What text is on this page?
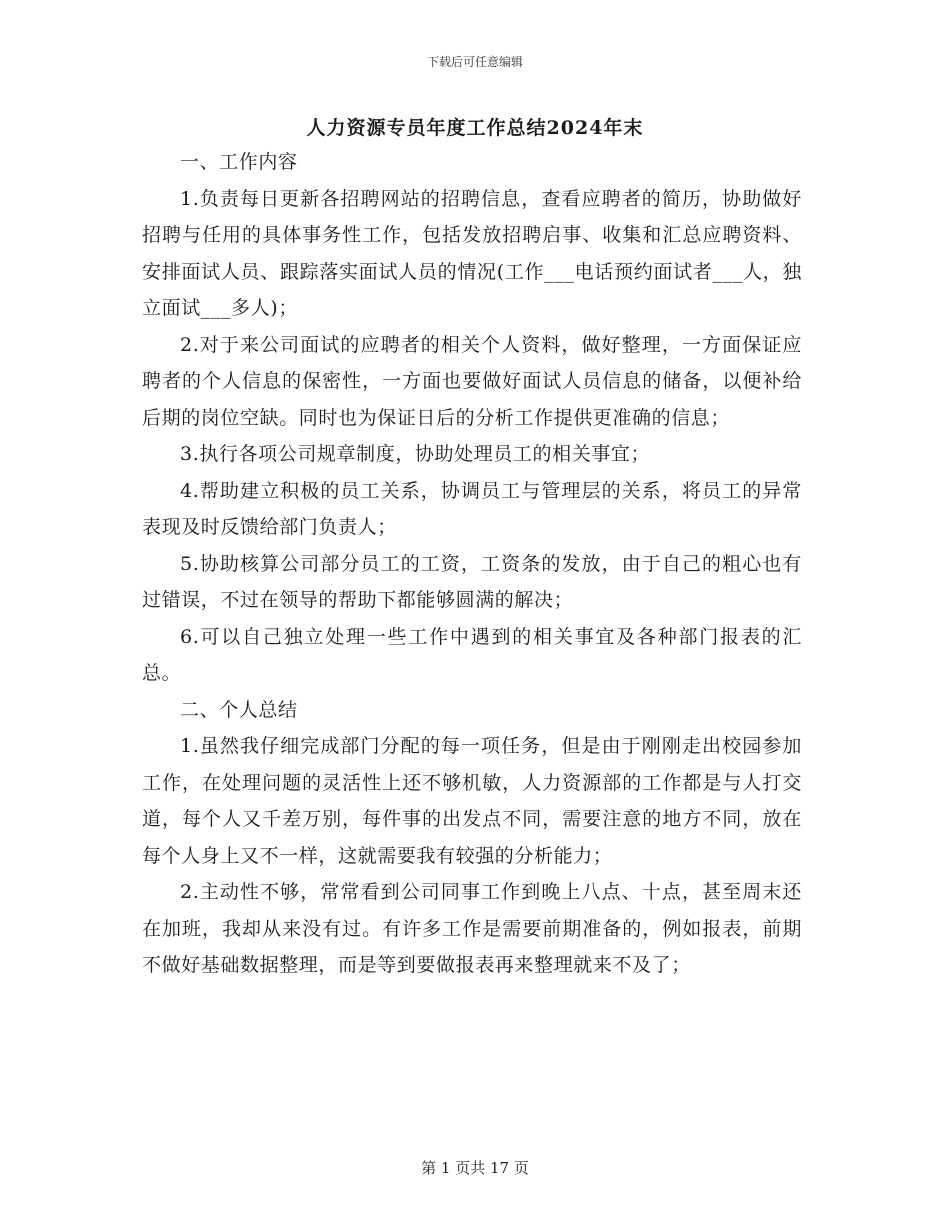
下载后可任意编辑
人力资源专员年度工作总结2024年末

一、工作内容

1.负责每日更新各招聘网站的招聘信息，查看应聘者的简历，协助做好招聘与任用的具体事务性工作，包括发放招聘启事、收集和汇总应聘资料、安排面试人员、跟踪落实面试人员的情况(工作___电话预约面试者___人，独立面试___多人)；

2.对于来公司面试的应聘者的相关个人资料，做好整理，一方面保证应聘者的个人信息的保密性，一方面也要做好面试人员信息的储备，以便补给后期的岗位空缺。同时也为保证日后的分析工作提供更准确的信息；

3.执行各项公司规章制度，协助处理员工的相关事宜；

4.帮助建立积极的员工关系，协调员工与管理层的关系，将员工的异常表现及时反馈给部门负责人；

5.协助核算公司部分员工的工资，工资条的发放，由于自己的粗心也有过错误，不过在领导的帮助下都能够圆满的解决；

6.可以自己独立处理一些工作中遇到的相关事宜及各种部门报表的汇总。

二、个人总结

1.虽然我仔细完成部门分配的每一项任务，但是由于刚刚走出校园参加工作，在处理问题的灵活性上还不够机敏，人力资源部的工作都是与人打交道，每个人又千差万别，每件事的出发点不同，需要注意的地方不同，放在每个人身上又不一样，这就需要我有较强的分析能力；

2.主动性不够，常常看到公司同事工作到晚上八点、十点，甚至周末还在加班，我却从来没有过。有许多工作是需要前期准备的，例如报表，前期不做好基础数据整理，而是等到要做报表再来整理就来不及了；

第 1 页共 17 页
